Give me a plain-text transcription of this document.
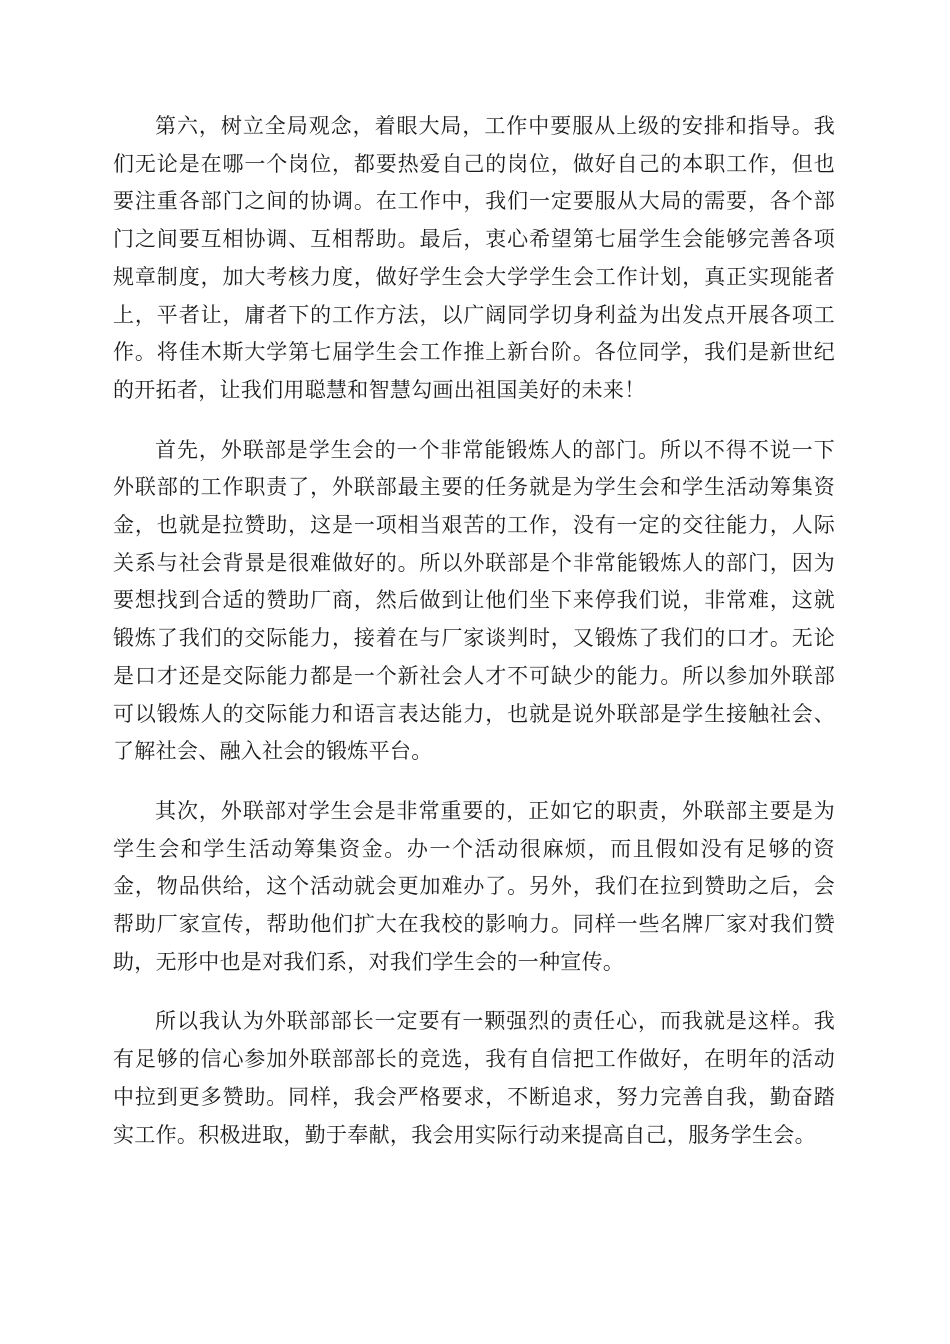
第六，树立全局观念，着眼大局，工作中要服从上级的安排和指导。我们无论是在哪一个岗位，都要热爱自己的岗位，做好自己的本职工作，但也要注重各部门之间的协调。在工作中，我们一定要服从大局的需要，各个部门之间要互相协调、互相帮助。最后，衷心希望第七届学生会能够完善各项规章制度，加大考核力度，做好学生会大学学生会工作计划，真正实现能者上，平者让，庸者下的工作方法，以广阔同学切身利益为出发点开展各项工作。将佳木斯大学第七届学生会工作推上新台阶。各位同学，我们是新世纪的开拓者，让我们用聪慧和智慧勾画出祖国美好的未来！

首先，外联部是学生会的一个非常能锻炼人的部门。所以不得不说一下外联部的工作职责了，外联部最主要的任务就是为学生会和学生活动筹集资金，也就是拉赞助，这是一项相当艰苦的工作，没有一定的交往能力，人际关系与社会背景是很难做好的。所以外联部是个非常能锻炼人的部门，因为要想找到合适的赞助厂商，然后做到让他们坐下来停我们说，非常难，这就锻炼了我们的交际能力，接着在与厂家谈判时，又锻炼了我们的口才。无论是口才还是交际能力都是一个新社会人才不可缺少的能力。所以参加外联部可以锻炼人的交际能力和语言表达能力，也就是说外联部是学生接触社会、了解社会、融入社会的锻炼平台。

其次，外联部对学生会是非常重要的，正如它的职责，外联部主要是为学生会和学生活动筹集资金。办一个活动很麻烦，而且假如没有足够的资金，物品供给，这个活动就会更加难办了。另外，我们在拉到赞助之后，会帮助厂家宣传，帮助他们扩大在我校的影响力。同样一些名牌厂家对我们赞助，无形中也是对我们系，对我们学生会的一种宣传。

所以我认为外联部部长一定要有一颗强烈的责任心，而我就是这样。我有足够的信心参加外联部部长的竞选，我有自信把工作做好，在明年的活动中拉到更多赞助。同样，我会严格要求，不断追求，努力完善自我，勤奋踏实工作。积极进取，勤于奉献，我会用实际行动来提高自己，服务学生会。
